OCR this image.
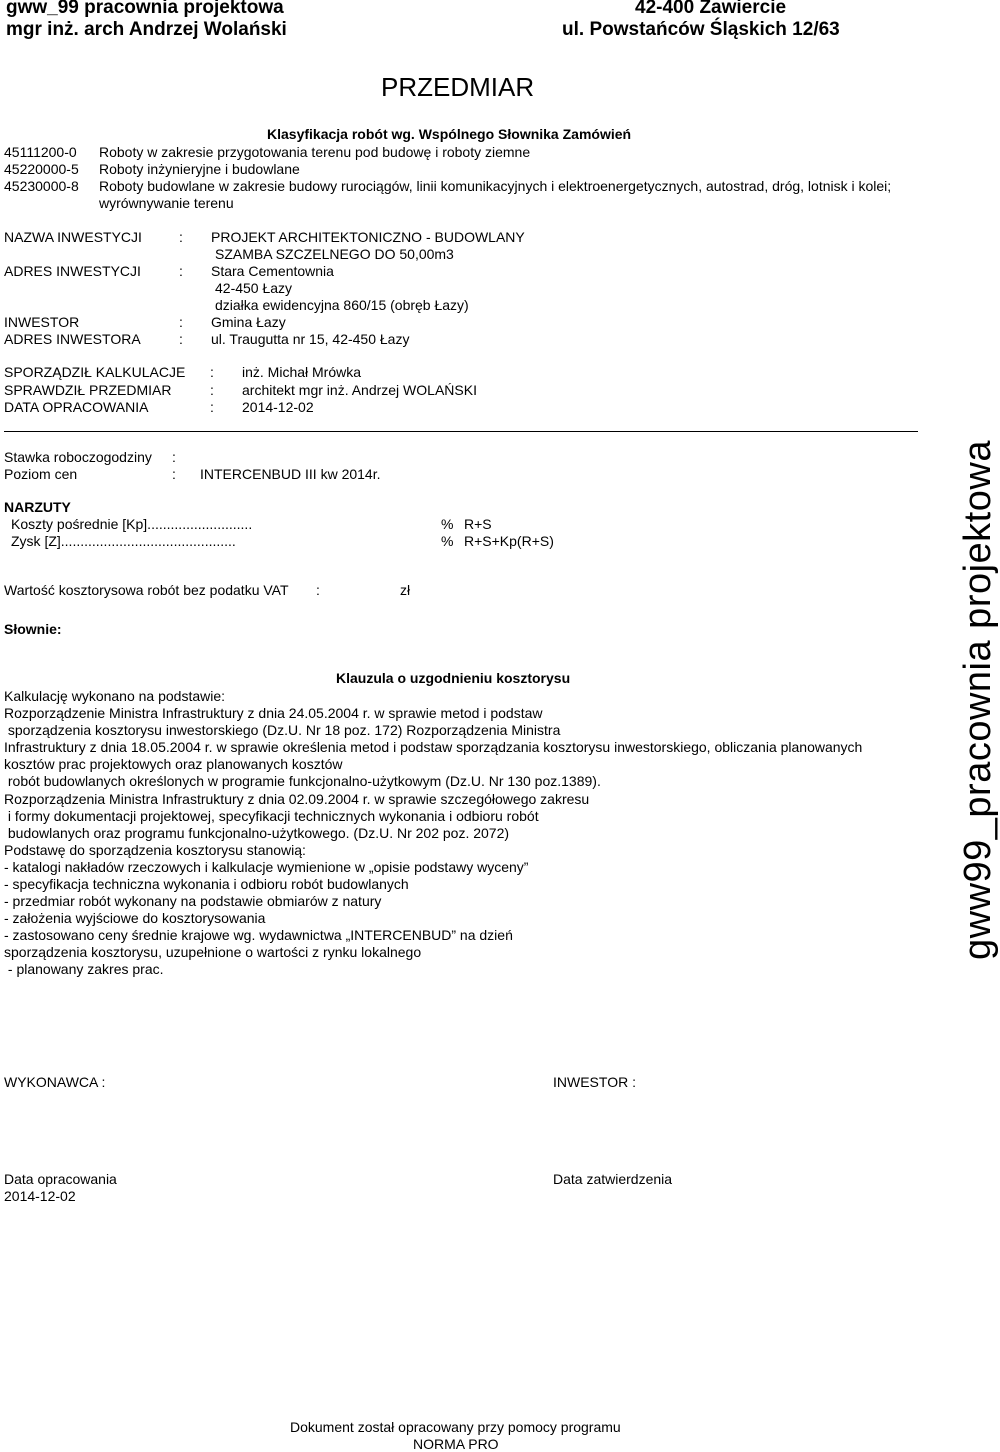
gww_99 pracownia projektowa
mgr inż. arch Andrzej Wolański
42-400 Zawiercie
ul. Powstańców Śląskich 12/63
PRZEDMIAR
Klasyfikacja robót wg. Wspólnego Słownika Zamówień
45111200-0 Roboty w zakresie przygotowania terenu pod budowę i roboty ziemne
45220000-5 Roboty inżynieryjne i budowlane
45230000-8 Roboty budowlane w zakresie budowy rurociągów, linii komunikacyjnych i elektroenergetycznych, autostrad, dróg, lotnisk i kolei;
wyrównywanie terenu
NAZWA INWESTYCJI	: PROJEKT ARCHITEKTONICZNO - BUDOWLANY
SZAMBA SZCZELNEGO DO 50,00m3
ADRES INWESTYCJI	: Stara Cementownia
42-450 Łazy
działka ewidencyjna 860/15 (obręb Łazy)
INWESTOR	: Gmina Łazy
ADRES INWESTORA	: ul. Traugutta nr 15, 42-450 Łazy
SPORZĄDZIŁ KALKULACJE : inż. Michał Mrówka
SPRAWDZIŁ PRZEDMIAR	: architekt mgr inż. Andrzej WOLAŃSKI
DATA OPRACOWANIA	: 2014-12-02
Stawka roboczogodziny :
Poziom cen	: INTERCENBUD III kw 2014r.
NARZUTY
Koszty pośrednie [Kp]...........................	% R+S
Zysk [Z].............................................	% R+S+Kp(R+S)
Wartość kosztorysowa robót bez podatku VAT :	zł
Słownie:
Klauzula o uzgodnieniu kosztorysu
Kalkulację wykonano na podstawie:
Rozporządzenie Ministra Infrastruktury z dnia 24.05.2004 r. w sprawie metod i podstaw
sporządzenia kosztorysu inwestorskiego (Dz.U. Nr 18 poz. 172) Rozporządzenia Ministra
Infrastruktury z dnia 18.05.2004 r. w sprawie określenia metod i podstaw sporządzania kosztorysu inwestorskiego, obliczania planowanych
kosztów prac projektowych oraz planowanych kosztów
robót budowlanych określonych w programie funkcjonalno-użytkowym (Dz.U. Nr 130 poz.1389).
Rozporządzenia Ministra Infrastruktury z dnia 02.09.2004 r. w sprawie szczegółowego zakresu
i formy dokumentacji projektowej, specyfikacji technicznych wykonania i odbioru robót
budowlanych oraz programu funkcjonalno-użytkowego. (Dz.U. Nr 202 poz. 2072)
Podstawę do sporządzenia kosztorysu stanowią:
- katalogi nakładów rzeczowych i kalkulacje wymienione w „opisie podstawy wyceny”
- specyfikacja techniczna wykonania i odbioru robót budowlanych
- przedmiar robót wykonany na podstawie obmiarów z natury
- założenia wyjściowe do kosztorysowania
- zastosowano ceny średnie krajowe wg. wydawnictwa „INTERCENBUD” na dzień
sporządzenia kosztorysu, uzupełnione o wartości z rynku lokalnego
- planowany zakres prac.
WYKONAWCA :	INWESTOR :
Data opracowania
2014-12-02
Data zatwierdzenia
Dokument został opracowany przy pomocy programu
NORMA PRO
gww99_pracownia projektowa
